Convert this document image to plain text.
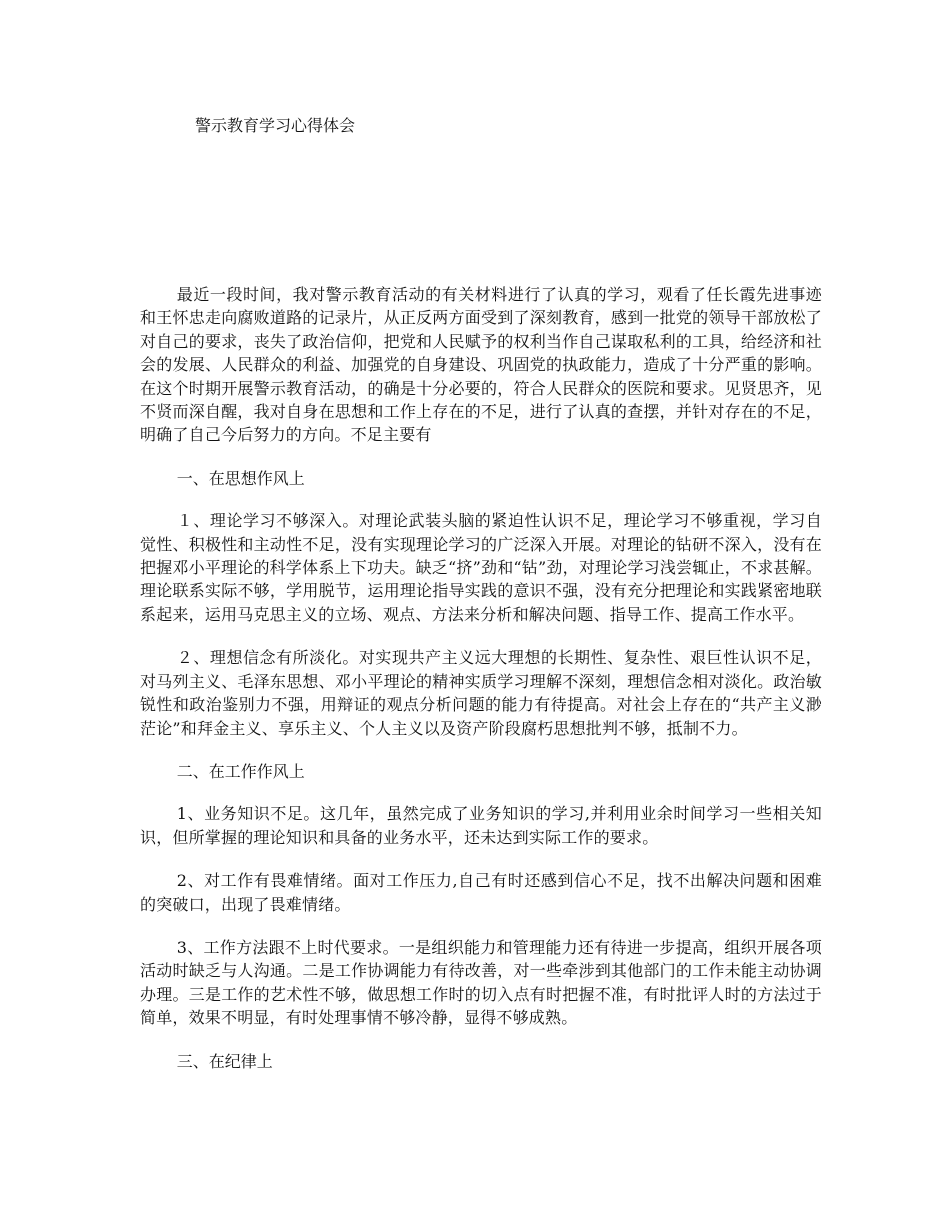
警示教育学习心得体会

最近一段时间，我对警示教育活动的有关材料进行了认真的学习，观看了任长霞先进事迹和王怀忠走向腐败道路的记录片，从正反两方面受到了深刻教育，感到一批党的领导干部放松了对自己的要求，丧失了政治信仰，把党和人民赋予的权利当作自己谋取私利的工具，给经济和社会的发展、人民群众的利益、加强党的自身建设、巩固党的执政能力，造成了十分严重的影响。在这个时期开展警示教育活动，的确是十分必要的，符合人民群众的医院和要求。见贤思齐，见不贤而深自醒，我对自身在思想和工作上存在的不足，进行了认真的查摆，并针对存在的不足，明确了自己今后努力的方向。不足主要有

一、在思想作风上

１、理论学习不够深入。对理论武装头脑的紧迫性认识不足，理论学习不够重视，学习自觉性、积极性和主动性不足，没有实现理论学习的广泛深入开展。对理论的钻研不深入，没有在把握邓小平理论的科学体系上下功夫。缺乏“挤”劲和“钻”劲，对理论学习浅尝辄止，不求甚解。理论联系实际不够，学用脱节，运用理论指导实践的意识不强，没有充分把理论和实践紧密地联系起来，运用马克思主义的立场、观点、方法来分析和解决问题、指导工作、提高工作水平。

２、理想信念有所淡化。对实现共产主义远大理想的长期性、复杂性、艰巨性认识不足，对马列主义、毛泽东思想、邓小平理论的精神实质学习理解不深刻，理想信念相对淡化。政治敏锐性和政治鉴别力不强，用辩证的观点分析问题的能力有待提高。对社会上存在的“共产主义渺茫论”和拜金主义、享乐主义、个人主义以及资产阶段腐朽思想批判不够，抵制不力。

二、在工作作风上

1、业务知识不足。这几年，虽然完成了业务知识的学习,并利用业余时间学习一些相关知识，但所掌握的理论知识和具备的业务水平，还未达到实际工作的要求。

2、对工作有畏难情绪。面对工作压力,自己有时还感到信心不足，找不出解决问题和困难的突破口，出现了畏难情绪。

3、工作方法跟不上时代要求。一是组织能力和管理能力还有待进一步提高，组织开展各项活动时缺乏与人沟通。二是工作协调能力有待改善，对一些牵涉到其他部门的工作未能主动协调办理。三是工作的艺术性不够，做思想工作时的切入点有时把握不准，有时批评人时的方法过于简单，效果不明显，有时处理事情不够冷静，显得不够成熟。

三、在纪律上
